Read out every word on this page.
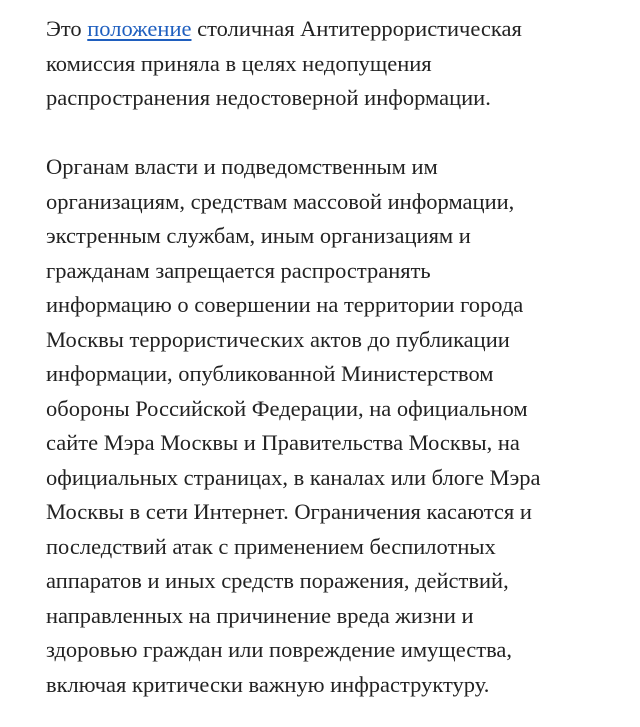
Это положение столичная Антитеррористическая
комиссия приняла в целях недопущения
распространения недостоверной информации.

Органам власти и подведомственным им
организациям, средствам массовой информации,
экстренным службам, иным организациям и
гражданам запрещается распространять
информацию о совершении на территории города
Москвы террористических актов до публикации
информации, опубликованной Министерством
обороны Российской Федерации, на официальном
сайте Мэра Москвы и Правительства Москвы, на
официальных страницах, в каналах или блоге Мэра
Москвы в сети Интернет. Ограничения касаются и
последствий атак с применением беспилотных
аппаратов и иных средств поражения, действий,
направленных на причинение вреда жизни и
здоровью граждан или повреждение имущества,
включая критически важную инфраструктуру.
